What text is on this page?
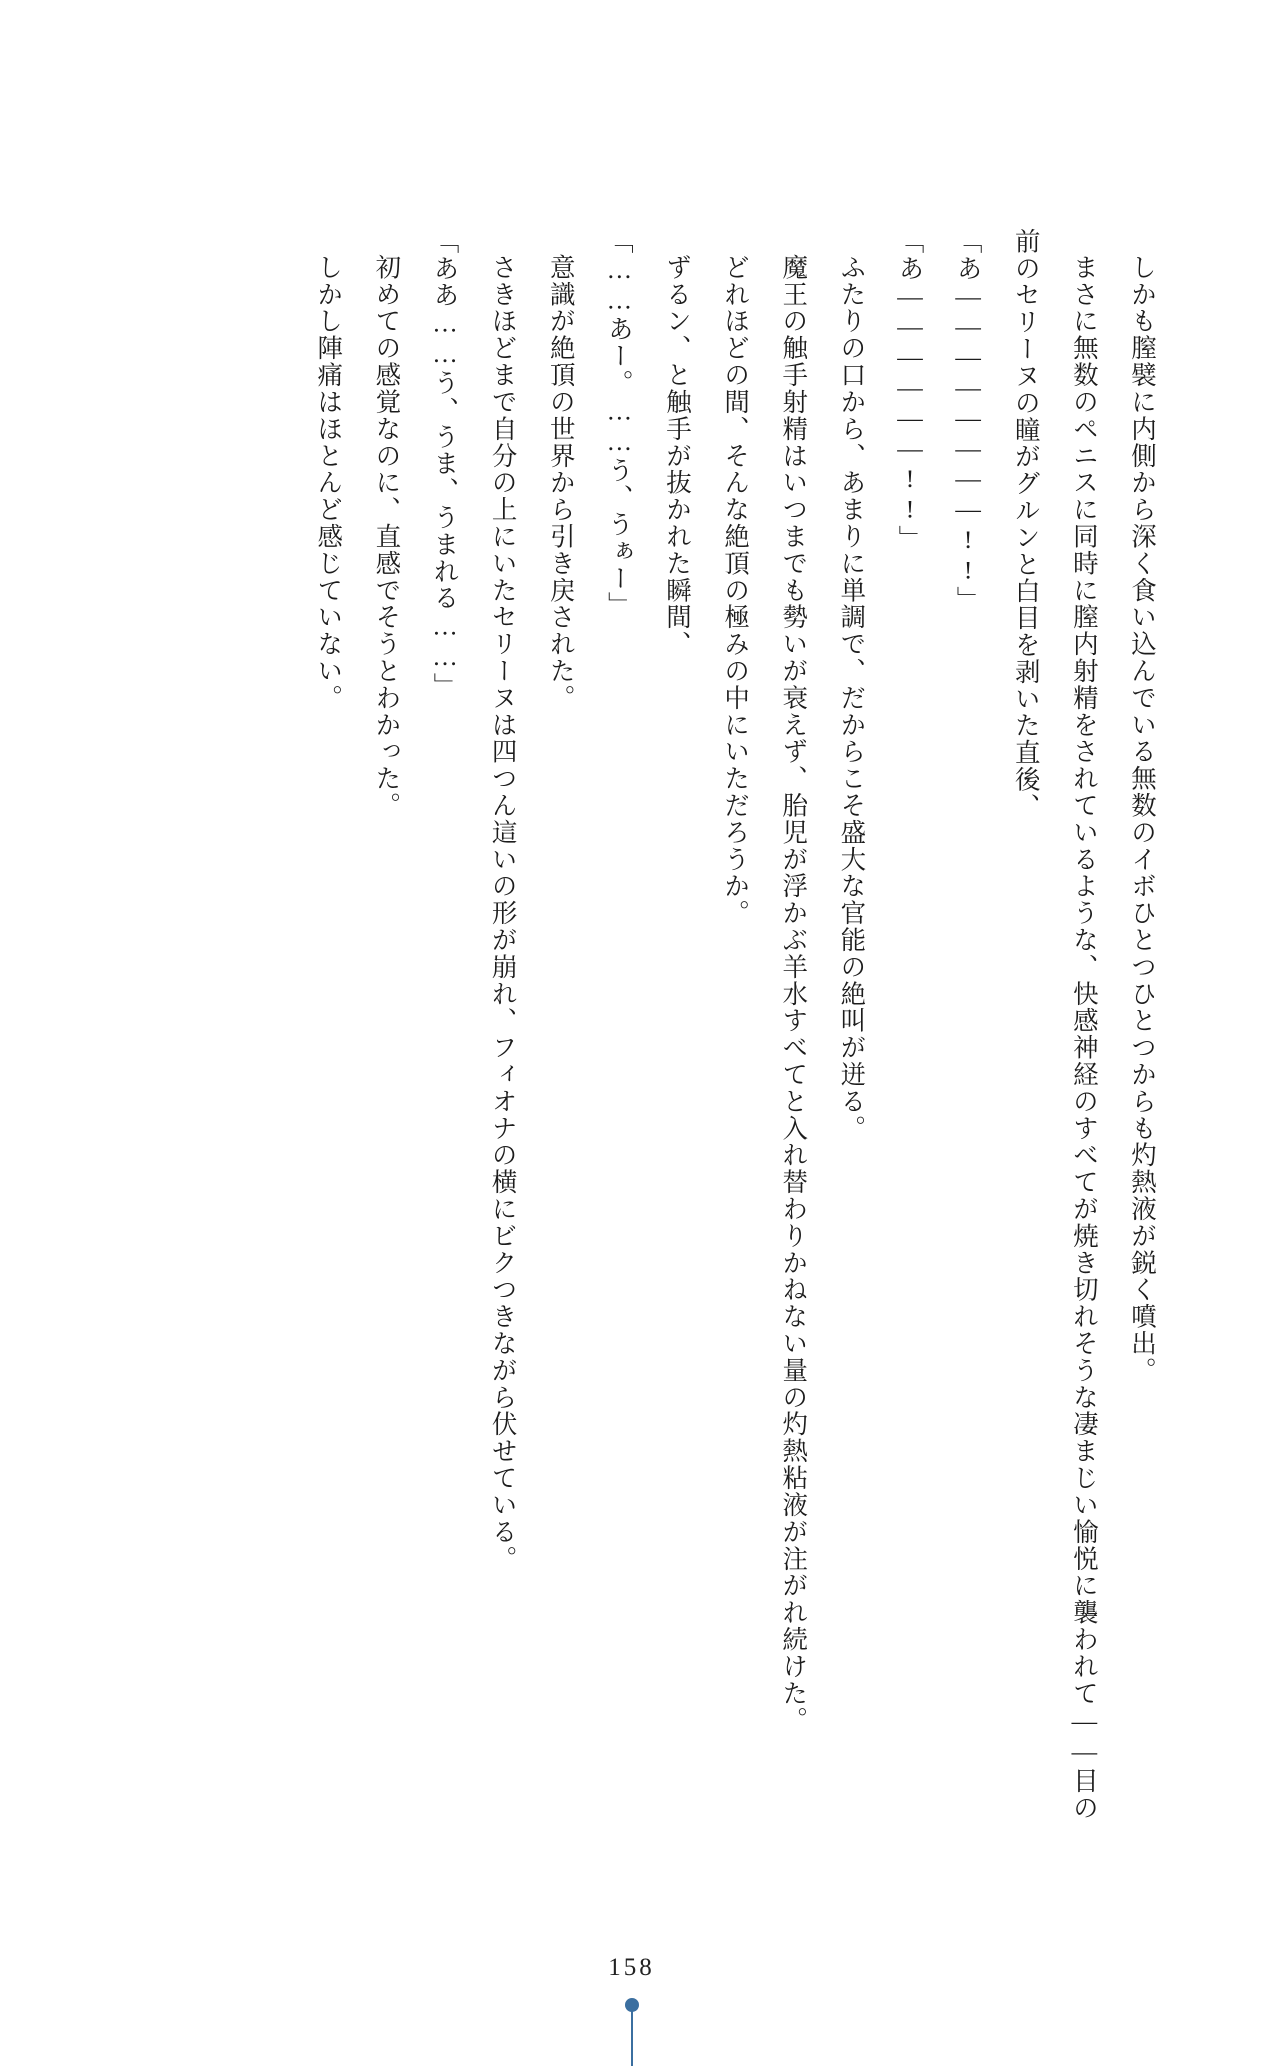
しかも膣襞に内側から深く食い込んでいる無数のイボひとつひとつからも灼熱液が鋭く噴出。

まさに無数のペニスに同時に膣内射精をされているような、快感神経のすべてが焼き切れそうな凄まじい愉悦に襲われて——目の前のセリーヌの瞳がグルンと白目を剥いた直後、

「あ————————!!」

「あ——————!!」

ふたりの口から、あまりに単調で、だからこそ盛大な官能の絶叫が迸る。

魔王の触手射精はいつまでも勢いが衰えず、胎児が浮かぶ羊水すべてと入れ替わりかねない量の灼熱粘液が注がれ続けた。

どれほどの間、そんな絶頂の極みの中にいただろうか。

ずるン、と触手が抜かれた瞬間、

「……あー。……う、うぁー」

意識が絶頂の世界から引き戻された。

さきほどまで自分の上にいたセリーヌは四つん這いの形が崩れ、フィオナの横にビクつきながら伏せている。

「ああ……う、うま、うまれる……」

初めての感覚なのに、直感でそうとわかった。

しかし陣痛はほとんど感じていない。

158
